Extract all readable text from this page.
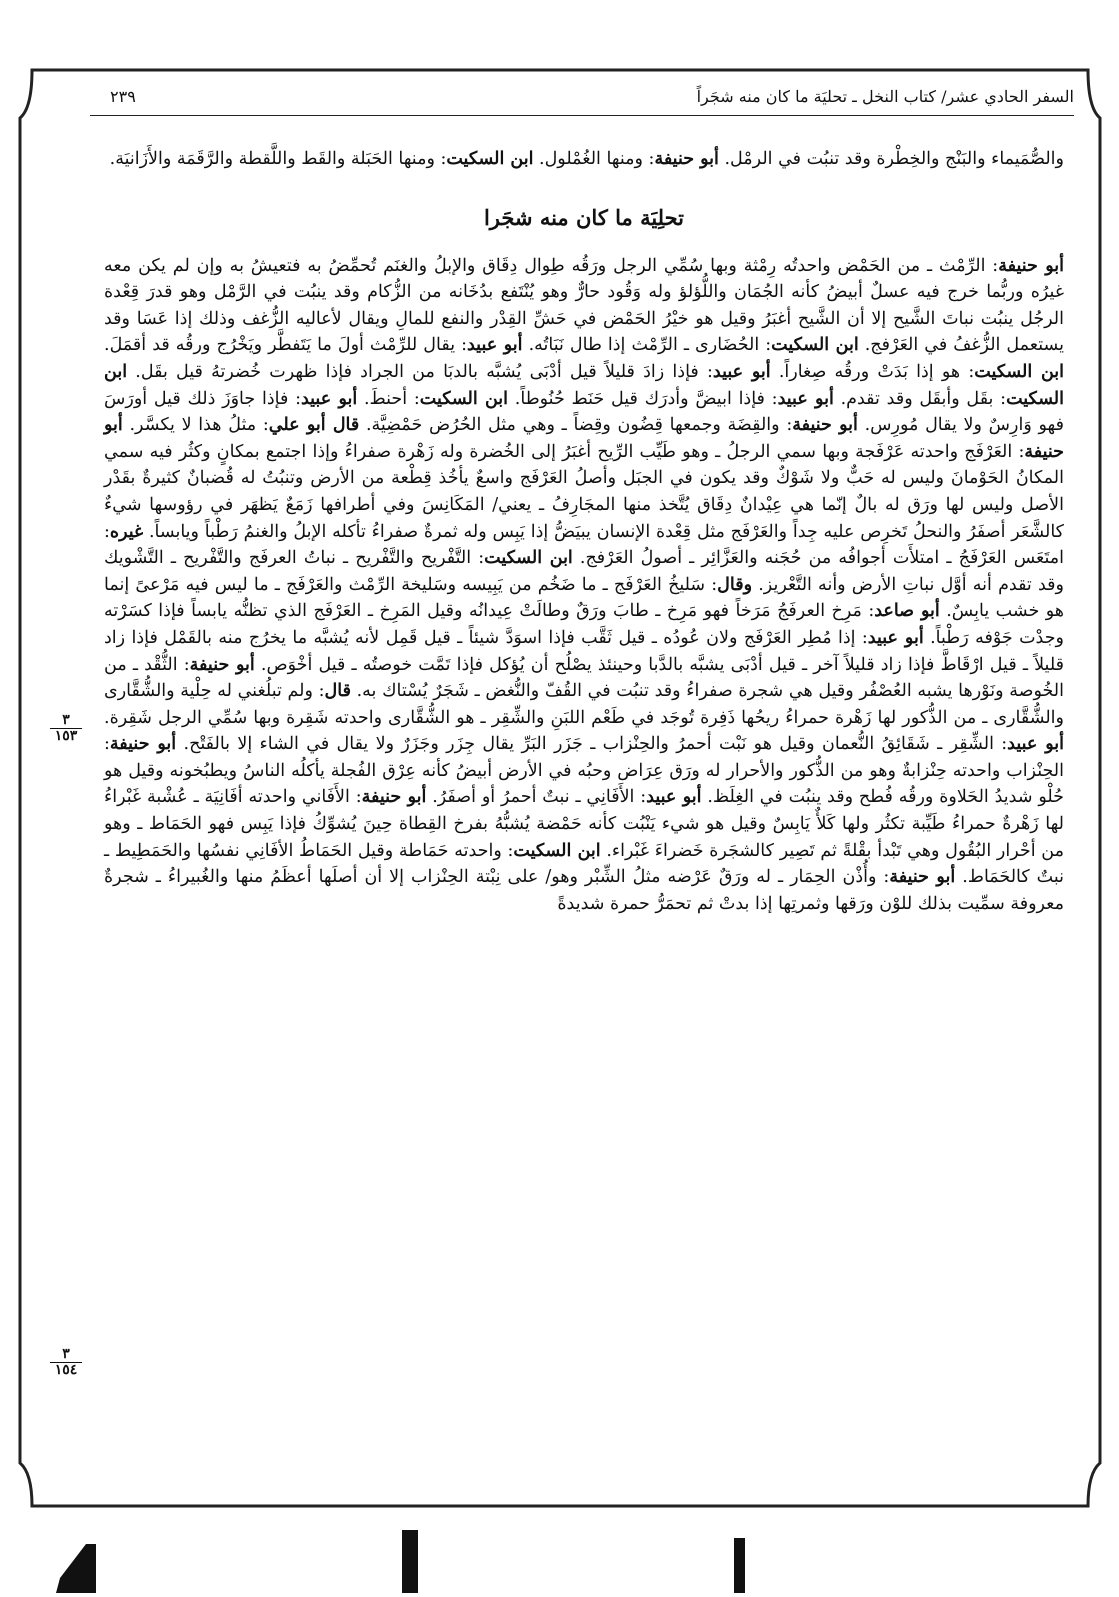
السفر الحادي عشر/ كتاب النخل ـ تحليَة ما كان منه شجَراً
٢٣٩

والصُّمَيماء والبَنْج والخِطْرة وقد تنبُت في الرمْل. أبو حنيفة: ومنها الغُمْلول. ابن السكيت: ومنها الحَبَلة والقَط واللَّقطة والرَّقَمَة والأَزَانيَة.

تحلِيَة ما كان منه شجَرا

أبو حنيفة: الرِّمْث ـ من الحَمْض واحدتُه رِمْثة وبها سُمِّي الرجل ورَقُه طِوال دِقَاق والإبلُ والغنَم تُحمِّضُ به فتعيشُ به وإن لم يكن معه غيرُه وربُّما خرج فيه عسلٌ أبيضُ كأنه الجُمَان واللُّؤلؤ وله وَقُود حارٌّ وهو يُنْتَفع بدُخَانه من الزُّكام وقد ينبُت في الرَّمْل وهو قدرَ قِعْدة الرجُل ينبُت نباتَ الشَّيح إلا أن الشَّيح أغبَرُ وقيل هو خيْرُ الحَمْض في حَشِّ القِدْر والنفع للمالِ ويقال لأعاليه الزُّغف وذلك إذا عَسَا وقد يستعمل الزُّغفُ في العَرْفج. ابن السكيت: الحُضَارى ـ الرِّمْث إذا طال نَبَاتُه. أبو عبيد: يقال للرِّمْث أولَ ما يَتَفطَّر ويَخْرُج ورقُه قد أقمَلَ. ابن السكيت: هو إذا بَدَتْ ورقُه صِغاراً. أبو عبيد: فإذا زادَ قليلاً قيل أدْبَى يُشبَّه بالدبَا من الجراد فإذا ظهرت خُضرتهُ قيل بقَل. ابن السكيت: بقَل وأبقَل وقد تقدم. أبو عبيد: فإذا ابيضَّ وأدرَك قيل حَنَط حُنُوطاً. ابن السكيت: أحنطَ. أبو عبيد: فإذا جاوَزَ ذلك قيل أورَسَ فهو وَارِسٌ ولا يقال مُورِس. أبو حنيفة: والقِضَة وجمعها قِضُون وقِضاً ـ وهي مثل الحُرُض حَمْضِيَّة. قال أبو علي: مثلُ هذا لا يكسَّر. أبو حنيفة: العَرْفَج واحدته عَرْفَجة وبها سمي الرجلُ ـ وهو طَيِّب الرِّيح أغبَرُ إلى الخُضرة وله زَهْرة صفراءُ وإذا اجتمع بمكانٍ وكثُر فيه سمي المكانُ الحَوْمانَ وليس له حَبٌّ ولا شَوْكٌ وقد يكون في الجبَل وأصلُ العَرْفَج واسعٌ يأخُذ قِطْعة من الأرض وتنبُتُ له قُضبانٌ كثيرةٌ بقَدْر الأصل وليس لها ورَق له بالٌ إنّما هي عِيْدانٌ دِقَاق يُتَّخذ منها المجَارِفُ ـ يعني/ المَكَانِسَ وفي أطرافها زَمَعٌ يَظهَر في رؤوسها شيءٌ كالشَّعَر أصفَرُ والنحلُ تَخرِص عليه جِداً والعَرْفَج مثل قِعْدة الإنسان يبيَضُّ إذا يَبِس وله ثمرةٌ صفراءُ تأكله الإبلُ والغنمُ رَطْباً ويابساً. غيره: امتَعَس العَرْفَجُ ـ امتلأَت أجوافُه من حُجَنه والعَزَّائِر ـ أصولُ العَرْفج. ابن السكيت: التَّفْريح والتَّفْريح ـ نباتُ العرفَج والتَّفْريح ـ التَّشْويك وقد تقدم أنه أوَّل نباتِ الأرض وأنه التَّعْريز. وقال: سَليخُ العَرْفَج ـ ما ضَخُم من يَبِيسه وسَليخة الرِّمْث والعَرْفَج ـ ما ليس فيه مَرْعىً إنما هو خشب يابِسٌ. أبو صاعد: مَرِخ العرفَجُ مَرَخاً فهو مَرِخ ـ طابَ ورَقٌ وطالَتْ عِيدانُه وقيل المَرِخ ـ العَرْفَج الذي تظنُّه يابساً فإذا كسَرْته وجدْت جَوْفه رَطْباً. أبو عبيد: إذا مُطِر العَرْفَج ولان عُودُه ـ قيل ثَقَّب فإذا اسوَدَّ شيئاً ـ قيل قَمِل لأنه يُشبَّه ما يخرُج منه بالقَمْل فإذا زاد قليلاً ـ قيل ارْقَاطَّ فإذا زاد قليلاً آخر ـ قيل أدْبَى يشبَّه بالدَّبا وحينئذ يصْلُح أن يُؤكل فإذا تَمَّت خوصتُه ـ قيل أخْوَص. أبو حنيفة: الثُّقْد ـ من الخُوصة ونَوْرها يشبه العُصْفُر وقيل هي شجرة صفراءُ وقد تنبُت في القُفّ والنُّغض ـ شَجَرٌ يُسْتاك به. قال: ولم تبلُغني له حِلْية والشُّقَّارى والشُّقَّارى ـ من الذُّكور لها زَهْرة حمراءُ ريحُها ذَفِرة تُوجَد في طَعْم اللبَنِ والشِّقِر ـ هو الشُّقَّارى واحدته شَقِرة وبها سُمِّي الرجل شَقِرة. أبو عبيد: الشِّقِر ـ شَقَائِقُ النُّعمان وقيل هو نَبْت أحمرُ والحِنْزاب ـ جَزَر البَرِّ يقال جِزَر وجَزَرٌ ولا يقال في الشاء إلا بالفَتْح. أبو حنيفة: الحِنْزاب واحدته حِنْزابةٌ وهو من الذُّكور والأحرار له ورَق عِرَاض وحبُه في الأرض أبيضُ كأنه عِرْق الفُجلة يأكلُه الناسُ ويطبُخونه وقيل هو حُلْو شديدُ الحَلاوة ورقُه فُطح وقد ينبُت في الغِلَظ. أبو عبيد: الأَفَانِي ـ نبتٌ أحمرُ أو أصفَرُ. أبو حنيفة: الأَفَاني واحدته أفَانِيَة ـ عُشْبة غَبْراءُ لها زَهْرةٌ حمراءُ طَيِّبة تكثُر ولها كَلأٌ يَابِسٌ وقيل هو شيء يَنْبُت كأنه حَمْضة يُشبُّهُ بفرخ القِطاة حِينَ يُشوِّكُ فإذا يَبِس فهو الحَمَاط ـ وهو من أحْرار البُقُول وهي تَبْدأ بقْلةً ثم تَصِير كالشجَرة خَضراءَ غَبْراء. ابن السكيت: واحدته حَمَاطة وقيل الحَمَاطُ الأفَانِي نفسُها والحَمَطِيط ـ نبتٌ كالحَمَاط. أبو حنيفة: وأُذْن الحِمَار ـ له ورَقٌ عَرْضه مثلُ الشِّبْر وهو/ على نِبْتة الحِنْزاب إلا أن أصلَها أعظَمُ منها والغُبيراءُ ـ شجرةٌ معروفة سمِّيت بذلك للوْن ورَقها وثمرتِها إذا بدتْ ثم تحمَرُّ حمرة شديدةً

٣
١٥٣
٣
١٥٤
